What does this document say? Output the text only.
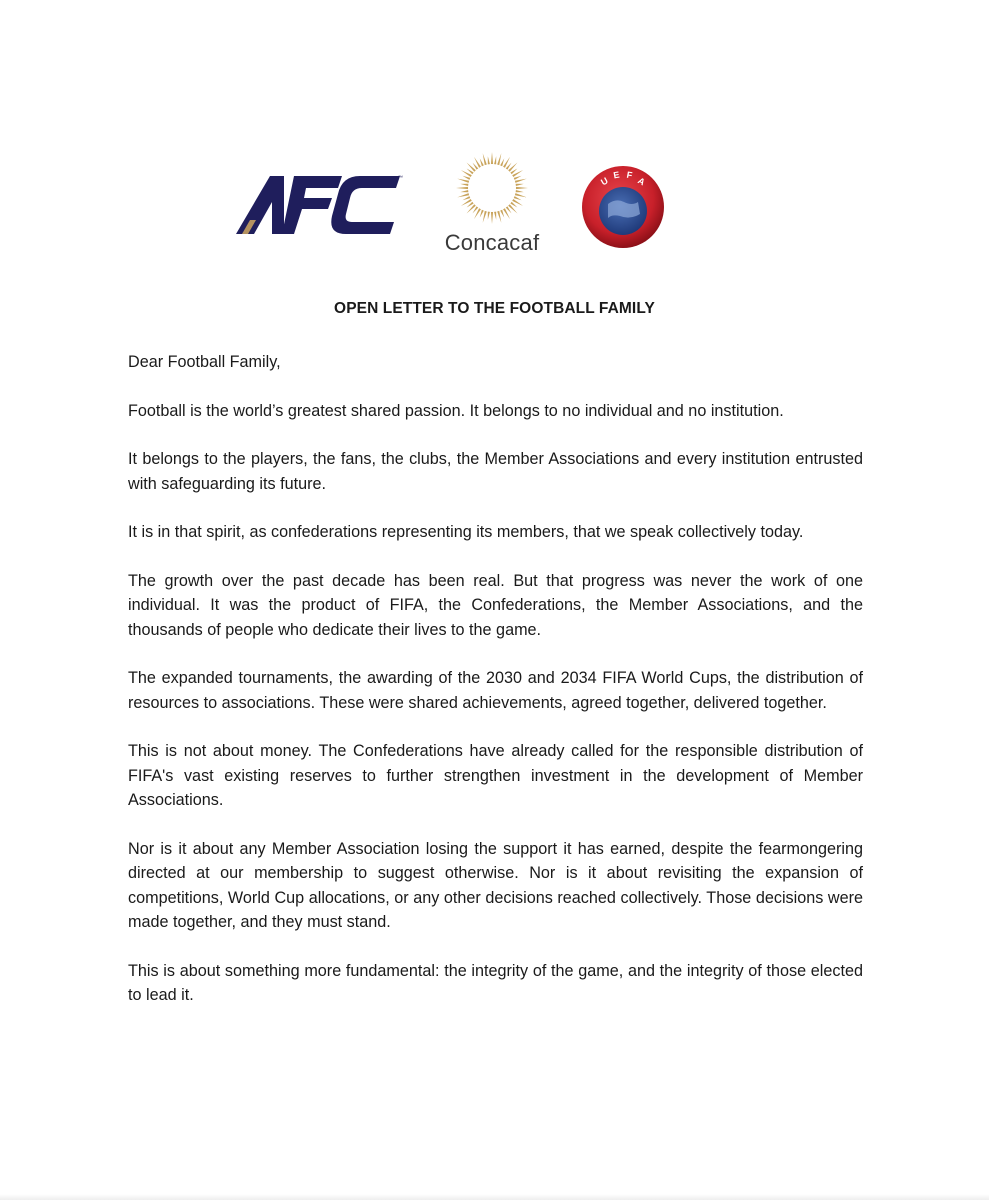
™
Concacaf
U
E F
A
OPEN LETTER TO THE FOOTBALL FAMILY

Dear Football Family,

Football is the world’s greatest shared passion. It belongs to no individual and no institution.

It belongs to the players, the fans, the clubs, the Member Associations and every institution entrusted with safeguarding its future.

It is in that spirit, as confederations representing its members, that we speak collectively today.

The growth over the past decade has been real. But that progress was never the work of one individual. It was the product of FIFA, the Confederations, the Member Associations, and the thousands of people who dedicate their lives to the game.

The expanded tournaments, the awarding of the 2030 and 2034 FIFA World Cups, the distribution of resources to associations. These were shared achievements, agreed together, delivered together.

This is not about money. The Confederations have already called for the responsible distribution of FIFA's vast existing reserves to further strengthen investment in the development of Member Associations.

Nor is it about any Member Association losing the support it has earned, despite the fearmongering directed at our membership to suggest otherwise. Nor is it about revisiting the expansion of competitions, World Cup allocations, or any other decisions reached collectively. Those decisions were made together, and they must stand.

This is about something more fundamental: the integrity of the game, and the integrity of those elected to lead it.
